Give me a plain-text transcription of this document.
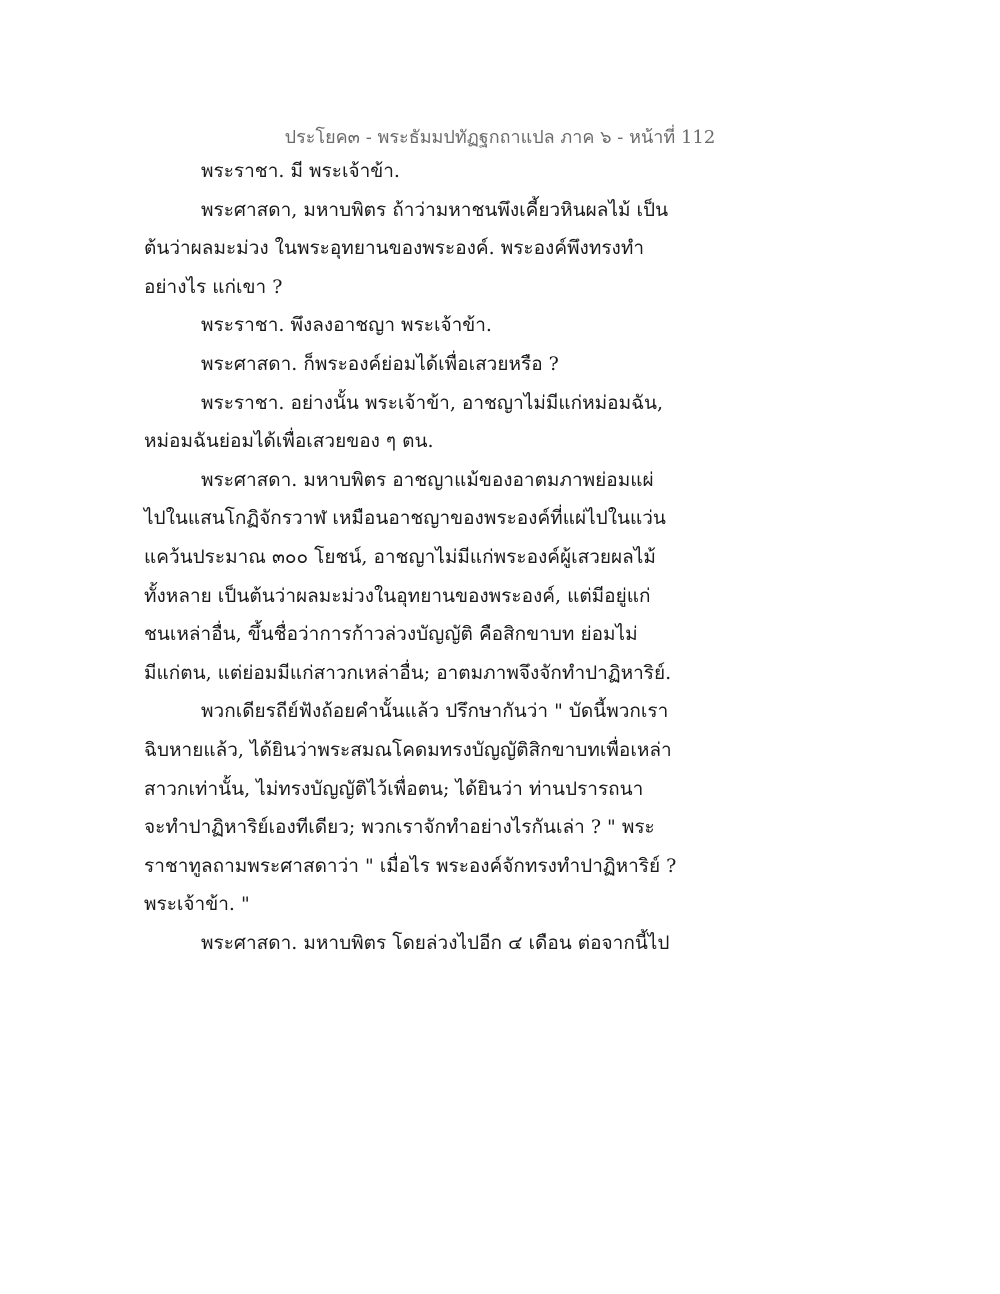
ประโยค๓ - พระธัมมปทัฏฐกถาแปล ภาค ๖ - หน้าที่ 112
พระราชา. มี พระเจ้าข้า.
พระศาสดา, มหาบพิตร ถ้าว่ามหาชนพึงเคี้ยวหินผลไม้ เป็น
ต้นว่าผลมะม่วง ในพระอุทยานของพระองค์. พระองค์พึงทรงทำ
อย่างไร แก่เขา ?
พระราชา. พึงลงอาชญา พระเจ้าข้า.
พระศาสดา. ก็พระองค์ย่อมได้เพื่อเสวยหรือ ?
พระราชา. อย่างนั้น พระเจ้าข้า, อาชญาไม่มีแก่หม่อมฉัน,
หม่อมฉันย่อมได้เพื่อเสวยของ ๆ ตน.
พระศาสดา. มหาบพิตร อาชญาแม้ของอาตมภาพย่อมแผ่
ไปในแสนโกฏิจักรวาฬ เหมือนอาชญาของพระองค์ที่แผ่ไปในแว่น
แคว้นประมาณ ๓๐๐ โยชน์, อาชญาไม่มีแก่พระองค์ผู้เสวยผลไม้
ทั้งหลาย เป็นต้นว่าผลมะม่วงในอุทยานของพระองค์, แต่มีอยู่แก่
ชนเหล่าอื่น, ขึ้นชื่อว่าการก้าวล่วงบัญญัติ คือสิกขาบท ย่อมไม่
มีแก่ตน, แต่ย่อมมีแก่สาวกเหล่าอื่น; อาตมภาพจึงจักทำปาฏิหาริย์.
พวกเดียรถีย์ฟังถ้อยคำนั้นแล้ว ปรึกษากันว่า " บัดนี้พวกเรา
ฉิบหายแล้ว, ได้ยินว่าพระสมณโคดมทรงบัญญัติสิกขาบทเพื่อเหล่า
สาวกเท่านั้น, ไม่ทรงบัญญัติไว้เพื่อตน; ได้ยินว่า ท่านปรารถนา
จะทำปาฏิหาริย์เองทีเดียว; พวกเราจักทำอย่างไรกันเล่า ? " พระ
ราชาทูลถามพระศาสดาว่า " เมื่อไร พระองค์จักทรงทำปาฏิหาริย์ ?
พระเจ้าข้า. "
พระศาสดา. มหาบพิตร โดยล่วงไปอีก ๔ เดือน ต่อจากนี้ไป
